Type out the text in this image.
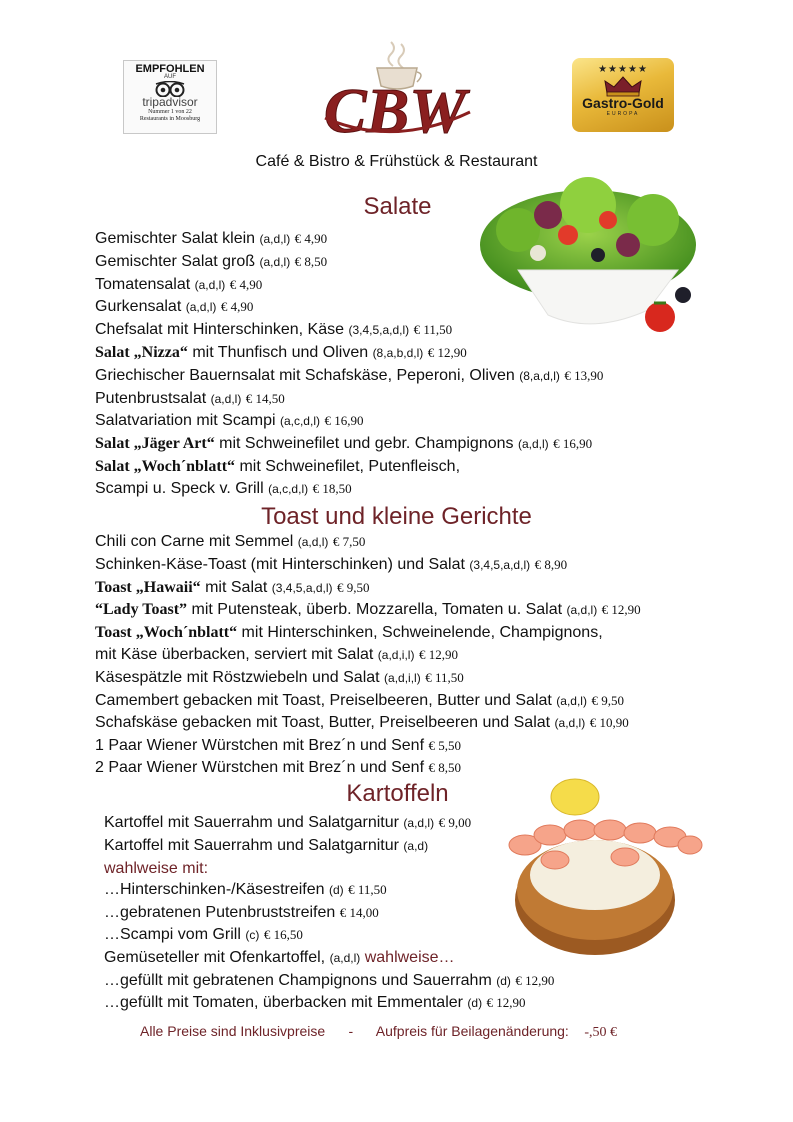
EMPFOHLEN
AUF
tripadvisor
Nummer 1 von 22
Restaurants in Moosburg CBW
★★★★★
Gastro-Gold
EUROPA
Café & Bistro & Frühstück & Restaurant
Salate
Gemischter Salat klein (a,d,l) € 4,90
Gemischter Salat groß (a,d,l) € 8,50
Tomatensalat (a,d,l) € 4,90
Gurkensalat (a,d,l) € 4,90
Chefsalat mit Hinterschinken, Käse (3,4,5,a,d,l) € 11,50
Salat „Nizza“ mit Thunfisch und Oliven (8,a,b,d,l) € 12,90
Griechischer Bauernsalat mit Schafskäse, Peperoni, Oliven (8,a,d,l) € 13,90
Putenbrustsalat (a,d,l) € 14,50
Salatvariation mit Scampi (a,c,d,l) € 16,90
Salat „Jäger Art“ mit Schweinefilet und gebr. Champignons (a,d,l) € 16,90
Salat „Woch´nblatt“ mit Schweinefilet, Putenfleisch,
Scampi u. Speck v. Grill (a,c,d,l) € 18,50
Toast und kleine Gerichte
Chili con Carne mit Semmel (a,d,l) € 7,50
Schinken-Käse-Toast (mit Hinterschinken) und Salat (3,4,5,a,d,l) € 8,90
Toast „Hawaii“ mit Salat (3,4,5,a,d,l) € 9,50
“Lady Toast” mit Putensteak, überb. Mozzarella, Tomaten u. Salat (a,d,l) € 12,90
Toast „Woch´nblatt“ mit Hinterschinken, Schweinelende, Champignons,
mit Käse überbacken, serviert mit Salat (a,d,i,l) € 12,90
Käsespätzle mit Röstzwiebeln und Salat (a,d,i,l) € 11,50
Camembert gebacken mit Toast, Preiselbeeren, Butter und Salat (a,d,l) € 9,50
Schafskäse gebacken mit Toast, Butter, Preiselbeeren und Salat (a,d,l) € 10,90
1 Paar Wiener Würstchen mit Brez´n und Senf € 5,50
2 Paar Wiener Würstchen mit Brez´n und Senf € 8,50
Kartoffeln
Kartoffel mit Sauerrahm und Salatgarnitur (a,d,l) € 9,00
Kartoffel mit Sauerrahm und Salatgarnitur (a,d)
wahlweise mit:
…Hinterschinken-/Käsestreifen (d) € 11,50
…gebratenen Putenbruststreifen € 14,00
…Scampi vom Grill (c) € 16,50
Gemüseteller mit Ofenkartoffel, (a,d,l) wahlweise…
…gefüllt mit gebratenen Champignons und Sauerrahm (d) € 12,90
…gefüllt mit Tomaten, überbacken mit Emmentaler (d) € 12,90
Alle Preise sind Inklusivpreise - Aufpreis für Beilagenänderung: -,50 €
